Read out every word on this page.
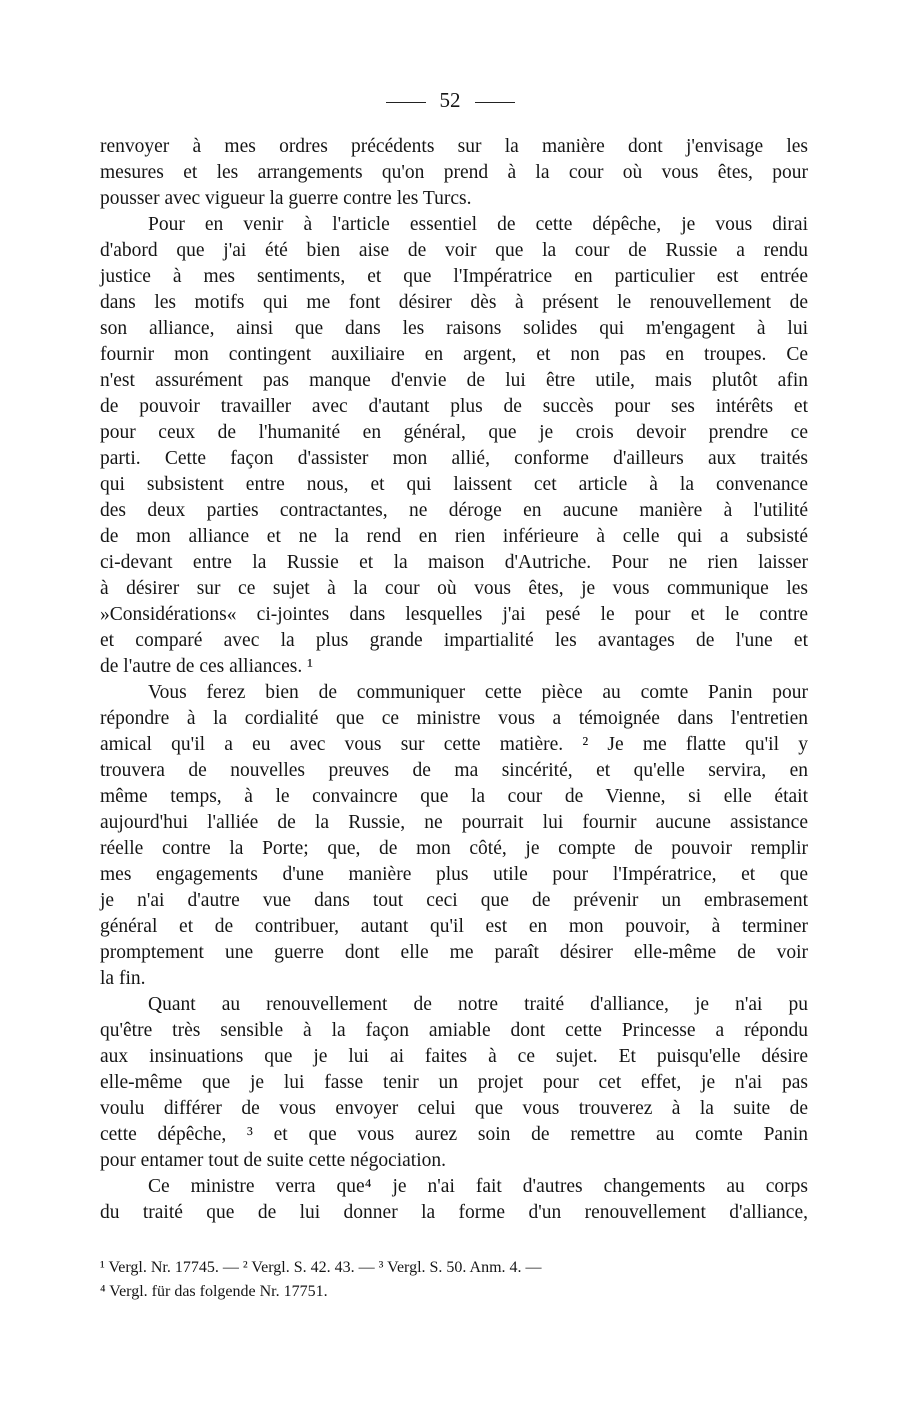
52
renvoyer à mes ordres précédents sur la manière dont j'envisage les
mesures et les arrangements qu'on prend à la cour où vous êtes, pour
pousser avec vigueur la guerre contre les Turcs.
Pour en venir à l'article essentiel de cette dépêche, je vous dirai
d'abord que j'ai été bien aise de voir que la cour de Russie a rendu
justice à mes sentiments, et que l'Impératrice en particulier est entrée
dans les motifs qui me font désirer dès à présent le renouvellement de
son alliance, ainsi que dans les raisons solides qui m'engagent à lui
fournir mon contingent auxiliaire en argent, et non pas en troupes. Ce
n'est assurément pas manque d'envie de lui être utile, mais plutôt afin
de pouvoir travailler avec d'autant plus de succès pour ses intérêts et
pour ceux de l'humanité en général, que je crois devoir prendre ce
parti. Cette façon d'assister mon allié, conforme d'ailleurs aux traités
qui subsistent entre nous, et qui laissent cet article à la convenance
des deux parties contractantes, ne déroge en aucune manière à l'utilité
de mon alliance et ne la rend en rien inférieure à celle qui a subsisté
ci-devant entre la Russie et la maison d'Autriche. Pour ne rien laisser
à désirer sur ce sujet à la cour où vous êtes, je vous communique les
»Considérations« ci-jointes dans lesquelles j'ai pesé le pour et le contre
et comparé avec la plus grande impartialité les avantages de l'une et
de l'autre de ces alliances. ¹
Vous ferez bien de communiquer cette pièce au comte Panin pour
répondre à la cordialité que ce ministre vous a témoignée dans l'entretien
amical qu'il a eu avec vous sur cette matière. ² Je me flatte qu'il y
trouvera de nouvelles preuves de ma sincérité, et qu'elle servira, en
même temps, à le convaincre que la cour de Vienne, si elle était
aujourd'hui l'alliée de la Russie, ne pourrait lui fournir aucune assistance
réelle contre la Porte; que, de mon côté, je compte de pouvoir remplir
mes engagements d'une manière plus utile pour l'Impératrice, et que
je n'ai d'autre vue dans tout ceci que de prévenir un embrasement
général et de contribuer, autant qu'il est en mon pouvoir, à terminer
promptement une guerre dont elle me paraît désirer elle-même de voir
la fin.
Quant au renouvellement de notre traité d'alliance, je n'ai pu
qu'être très sensible à la façon amiable dont cette Princesse a répondu
aux insinuations que je lui ai faites à ce sujet. Et puisqu'elle désire
elle-même que je lui fasse tenir un projet pour cet effet, je n'ai pas
voulu différer de vous envoyer celui que vous trouverez à la suite de
cette dépêche, ³ et que vous aurez soin de remettre au comte Panin
pour entamer tout de suite cette négociation.
Ce ministre verra que⁴ je n'ai fait d'autres changements au corps
du traité que de lui donner la forme d'un renouvellement d'alliance,
¹ Vergl. Nr. 17745. — ² Vergl. S. 42. 43. — ³ Vergl. S. 50. Anm. 4. —
⁴ Vergl. für das folgende Nr. 17751.
